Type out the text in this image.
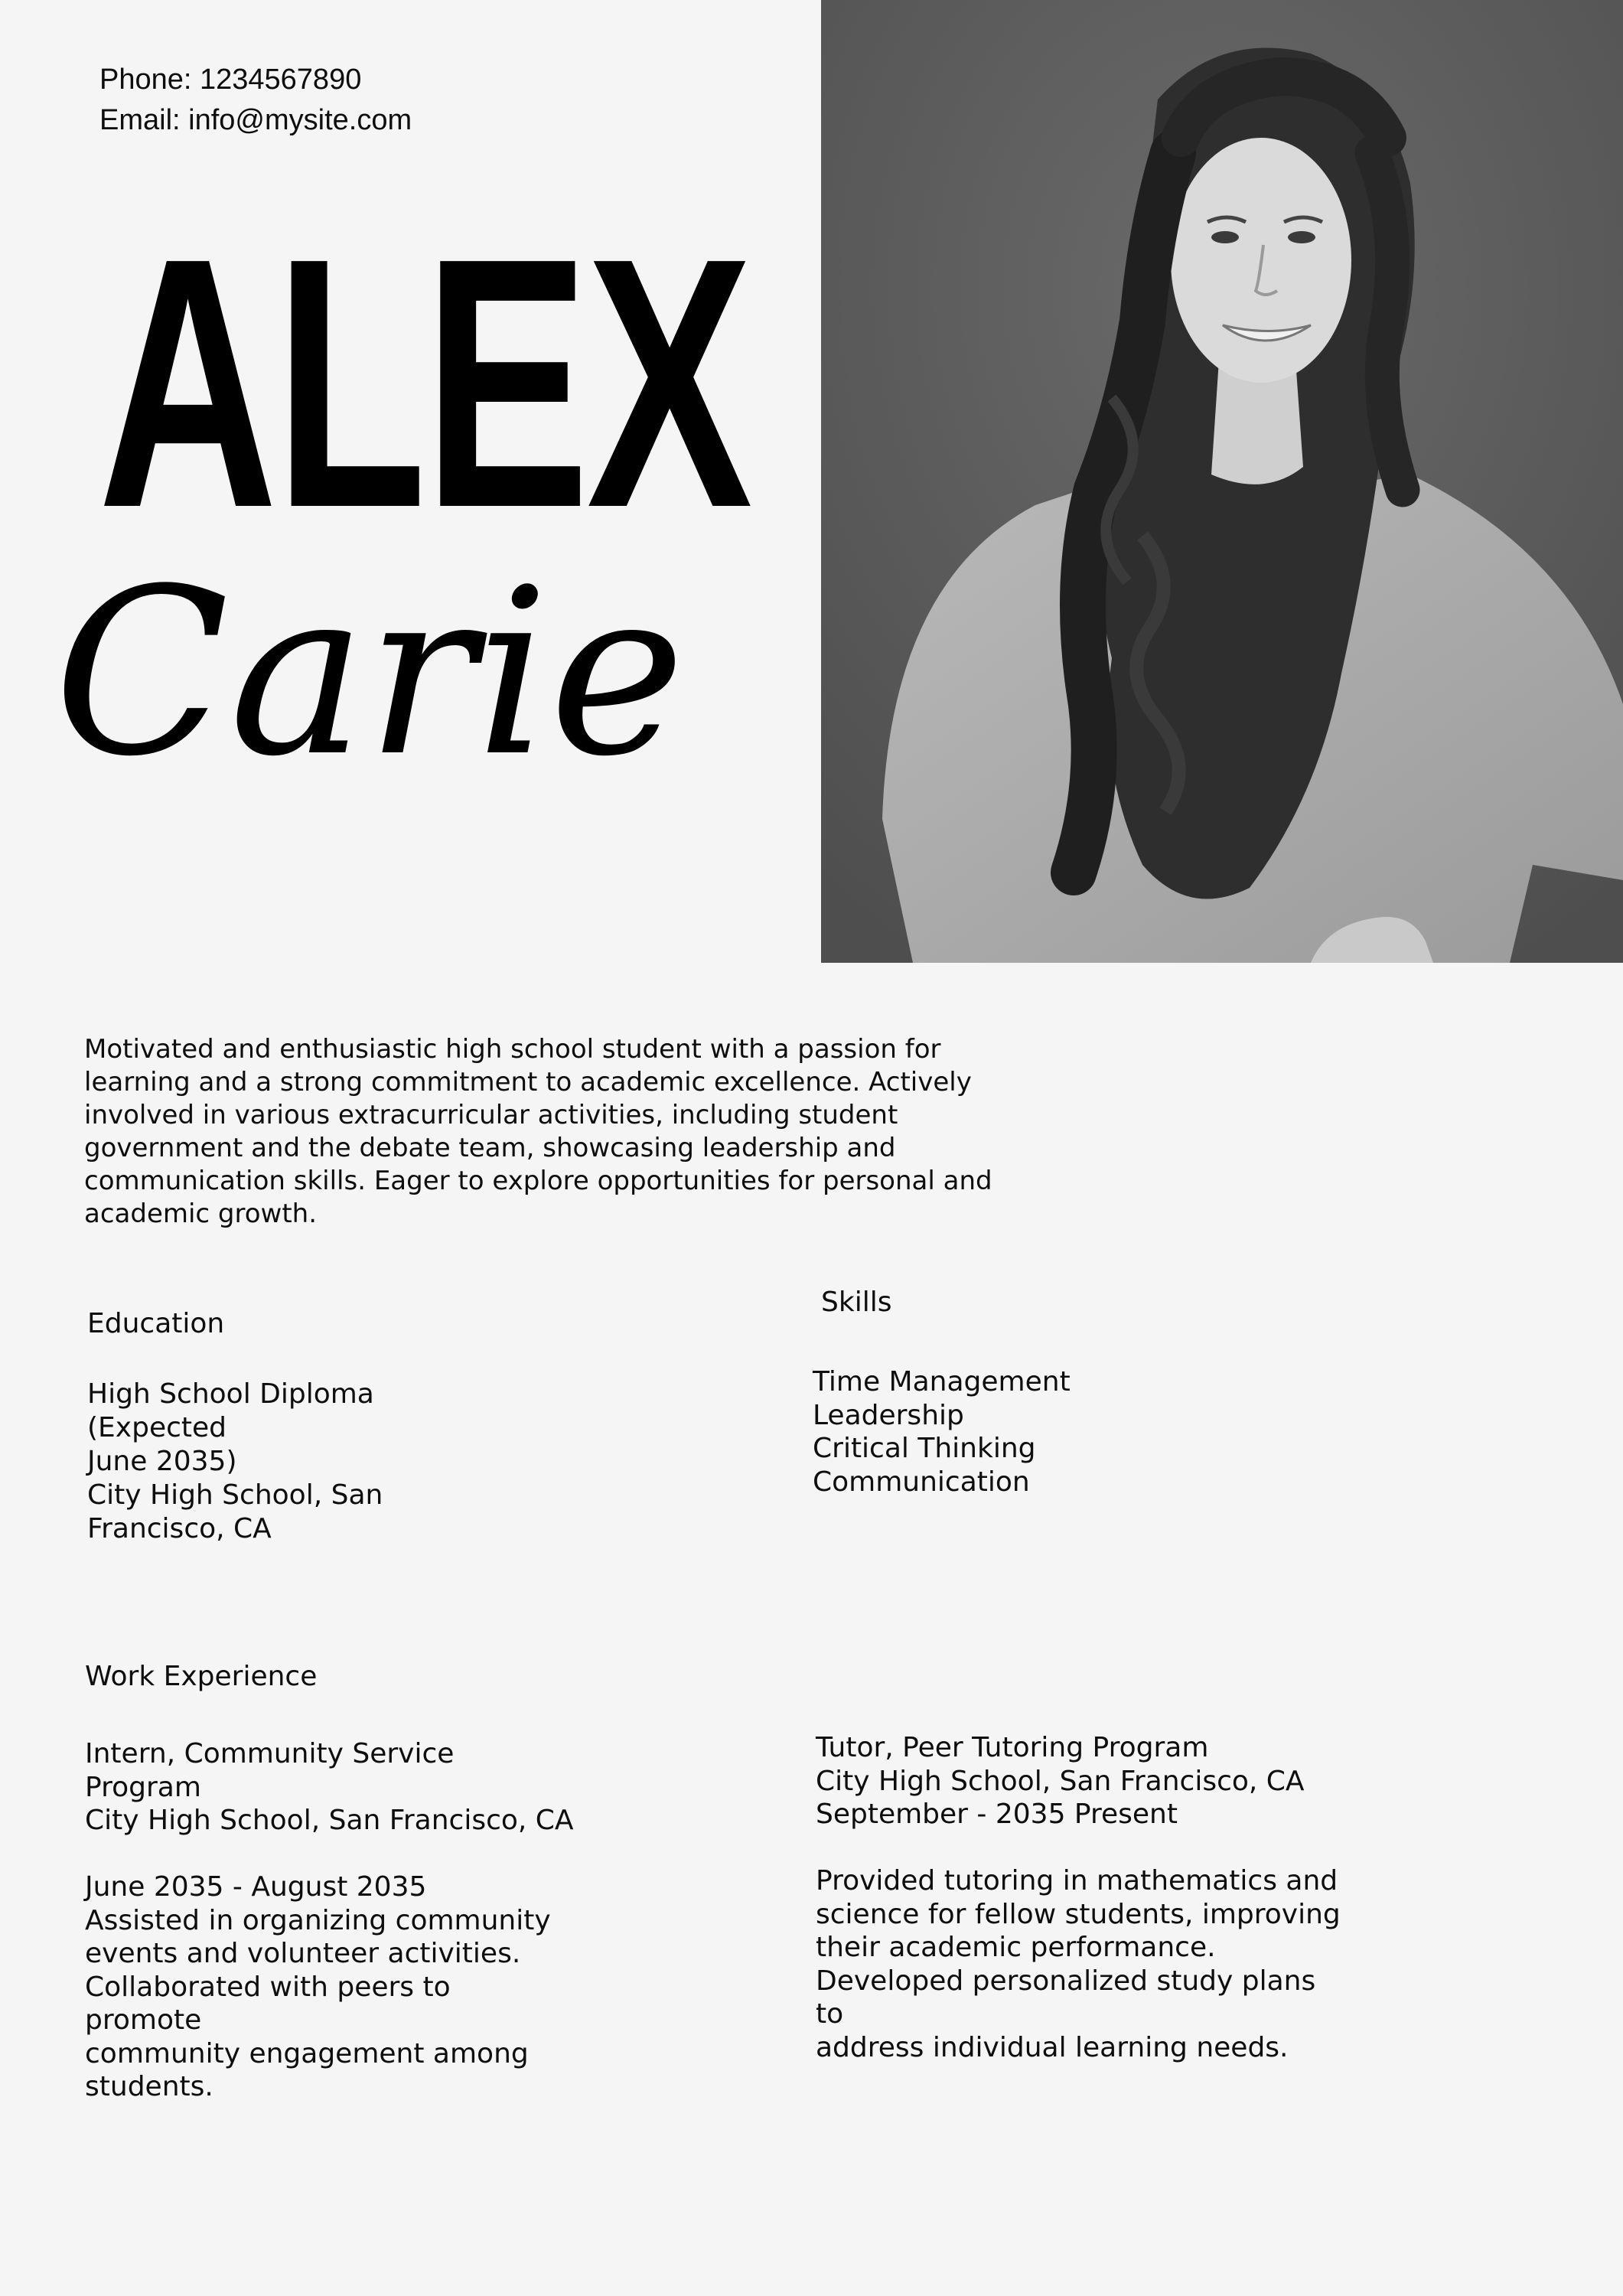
Phone: 1234567890
Email: info@mysite.com
ALEX
Carie
Motivated and enthusiastic high school student with a passion for learning and a strong commitment to academic excellence. Actively involved in various extracurricular activities, including student government and the debate team, showcasing leadership and communication skills. Eager to explore opportunities for personal and academic growth.
Education
High School Diploma (Expected
June 2035)
City High School, San
Francisco, CA
Skills
Time Management
Leadership
Critical Thinking
Communication
Work Experience
Intern, Community Service Program
City High School, San Francisco, CA
June 2035 - August 2035
Assisted in organizing community
events and volunteer activities.
Collaborated with peers to promote
community engagement among
students.
Tutor, Peer Tutoring Program
City High School, San Francisco, CA
September - 2035 Present
Provided tutoring in mathematics and
science for fellow students, improving
their academic performance.
Developed personalized study plans to
address individual learning needs.
